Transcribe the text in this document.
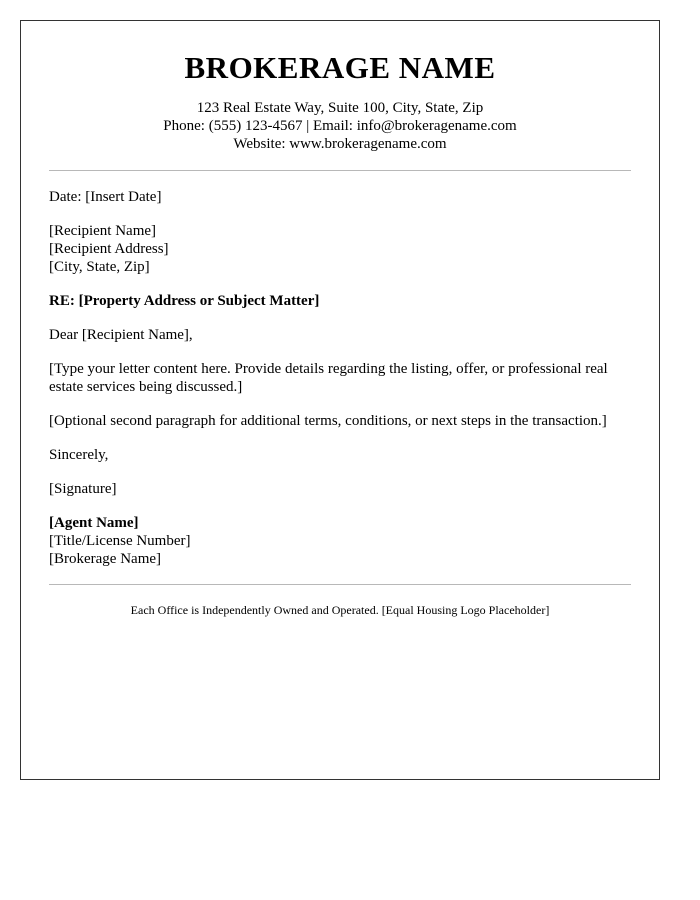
BROKERAGE NAME
123 Real Estate Way, Suite 100, City, State, Zip
Phone: (555) 123-4567 | Email: info@brokeragename.com
Website: www.brokeragename.com

Date: [Insert Date]

[Recipient Name]

[Recipient Address]

[City, State, Zip]

RE: [Property Address or Subject Matter]

Dear [Recipient Name],

[Type your letter content here. Provide details regarding the listing, offer, or professional real estate services being discussed.]

[Optional second paragraph for additional terms, conditions, or next steps in the transaction.]

Sincerely,

[Signature]

[Agent Name]

[Title/License Number]

[Brokerage Name]

Each Office is Independently Owned and Operated. [Equal Housing Logo Placeholder]
